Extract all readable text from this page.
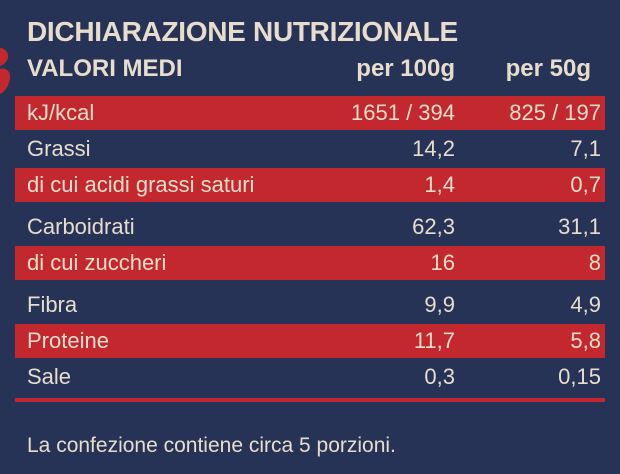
DICHIARAZIONE NUTRIZIONALE
VALORI MEDI	per 100g	per 50g
kJ/kcal	1651 / 394	825 / 197
Grassi	14,2	7,1
di cui acidi grassi saturi	1,4	0,7
Carboidrati	62,3	31,1
di cui zuccheri	16	8
Fibra	9,9	4,9
Proteine	11,7	5,8
Sale	0,3	0,15

La confezione contiene circa 5 porzioni.
